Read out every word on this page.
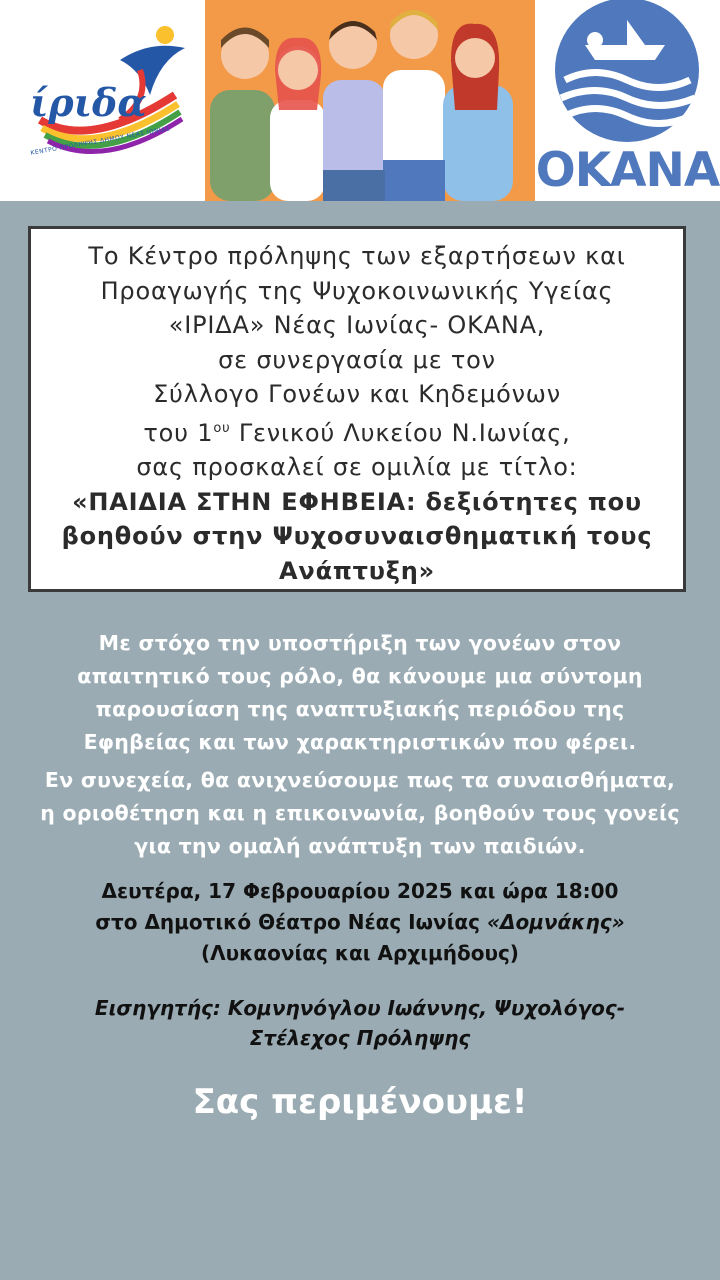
ίριδα
ΚΕΝΤΡΟ ΠΡΟΛΗΨΗΣ ΔΗΜΟΥ ΝΕΑΣ ΙΩΝΙΑΣ
OKANA
Το Κέντρο πρόληψης των εξαρτήσεων και
Προαγωγής της Ψυχοκοινωνικής Υγείας
«ΙΡΙΔΑ» Νέας Ιωνίας- ΟΚΑΝΑ,
σε συνεργασία με τον
Σύλλογο Γονέων και Κηδεμόνων
του $1^{o\upsilon}$ Γενικού Λυκείου Ν.Ιωνίας,
σας προσκαλεί σε ομιλία με τίτλο:
«ΠΑΙΔΙΑ ΣΤΗΝ ΕΦΗΒΕΙΑ: δεξιότητες που
βοηθούν στην Ψυχοσυναισθηματική τους
Ανάπτυξη»
Με στόχο την υποστήριξη των γονέων στον
απαιτητικό τους ρόλο, θα κάνουμε μια σύντομη
παρουσίαση της αναπτυξιακής περιόδου της
Εφηβείας και των χαρακτηριστικών που φέρει.
Εν συνεχεία, θα ανιχνεύσουμε πως τα συναισθήματα,
η οριοθέτηση και η επικοινωνία, βοηθούν τους γονείς
για την ομαλή ανάπτυξη των παιδιών.
Δευτέρα, 17 Φεβρουαρίου 2025 και ώρα 18:00
στο Δημοτικό Θέατρο Νέας Ιωνίας «Δομνάκης»
(Λυκαονίας και Αρχιμήδους)
Εισηγητής: Κομνηνόγλου Ιωάννης, Ψυχολόγος-
Στέλεχος Πρόληψης
Σας περιμένουμε!
